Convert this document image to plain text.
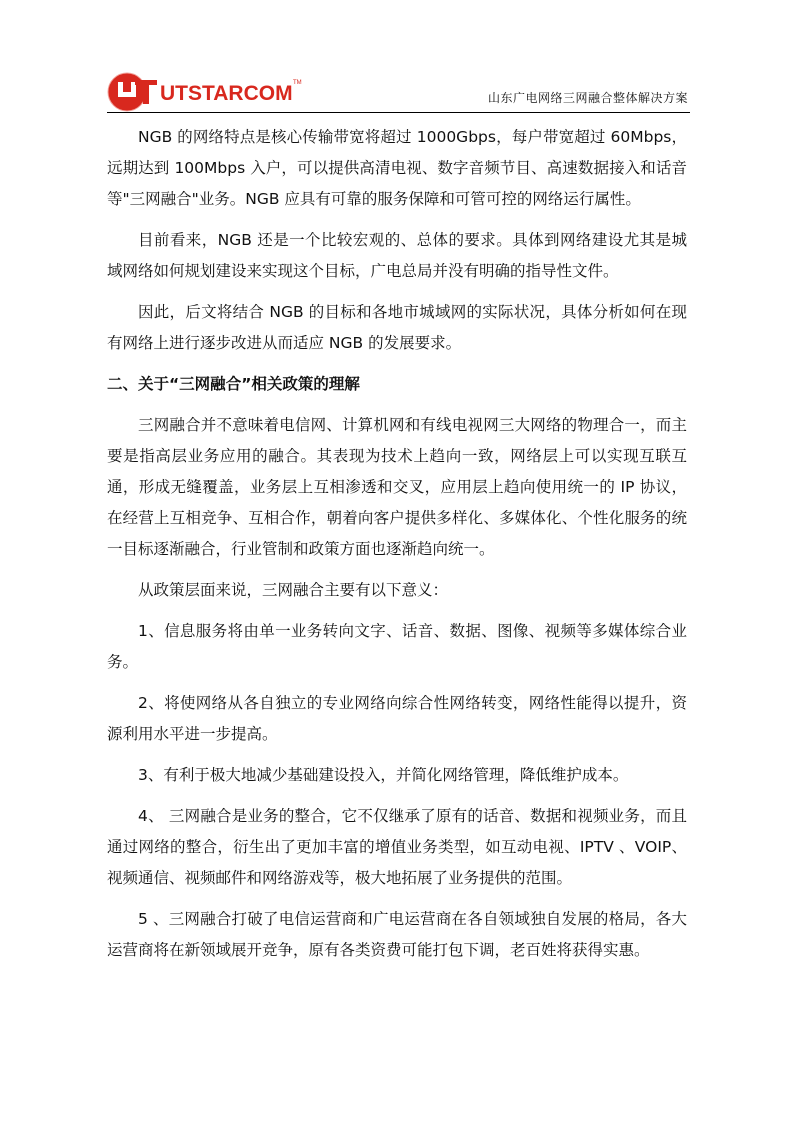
UTSTARCOM TM
山东广电网络三网融合整体解决方案

NGB 的网络特点是核心传输带宽将超过 1000Gbps，每户带宽超过 60Mbps，远期达到 100Mbps 入户，可以提供高清电视、数字音频节目、高速数据接入和话音等"三网融合"业务。NGB 应具有可靠的服务保障和可管可控的网络运行属性。

目前看来，NGB 还是一个比较宏观的、总体的要求。具体到网络建设尤其是城域网络如何规划建设来实现这个目标，广电总局并没有明确的指导性文件。

因此，后文将结合 NGB 的目标和各地市城域网的实际状况，具体分析如何在现有网络上进行逐步改进从而适应 NGB 的发展要求。

二、关于“三网融合”相关政策的理解

三网融合并不意味着电信网、计算机网和有线电视网三大网络的物理合一，而主要是指高层业务应用的融合。其表现为技术上趋向一致，网络层上可以实现互联互通，形成无缝覆盖，业务层上互相渗透和交叉，应用层上趋向使用统一的 IP 协议，在经营上互相竞争、互相合作，朝着向客户提供多样化、多媒体化、个性化服务的统一目标逐渐融合，行业管制和政策方面也逐渐趋向统一。

从政策层面来说，三网融合主要有以下意义：

1、信息服务将由单一业务转向文字、话音、数据、图像、视频等多媒体综合业务。

2、将使网络从各自独立的专业网络向综合性网络转变，网络性能得以提升，资源利用水平进一步提高。

3、有利于极大地减少基础建设投入，并简化网络管理，降低维护成本。

4、 三网融合是业务的整合，它不仅继承了原有的话音、数据和视频业务，而且通过网络的整合，衍生出了更加丰富的增值业务类型，如互动电视、IPTV 、VOIP、视频通信、视频邮件和网络游戏等，极大地拓展了业务提供的范围。

5 、三网融合打破了电信运营商和广电运营商在各自领域独自发展的格局，各大运营商将在新领域展开竞争，原有各类资费可能打包下调，老百姓将获得实惠。
